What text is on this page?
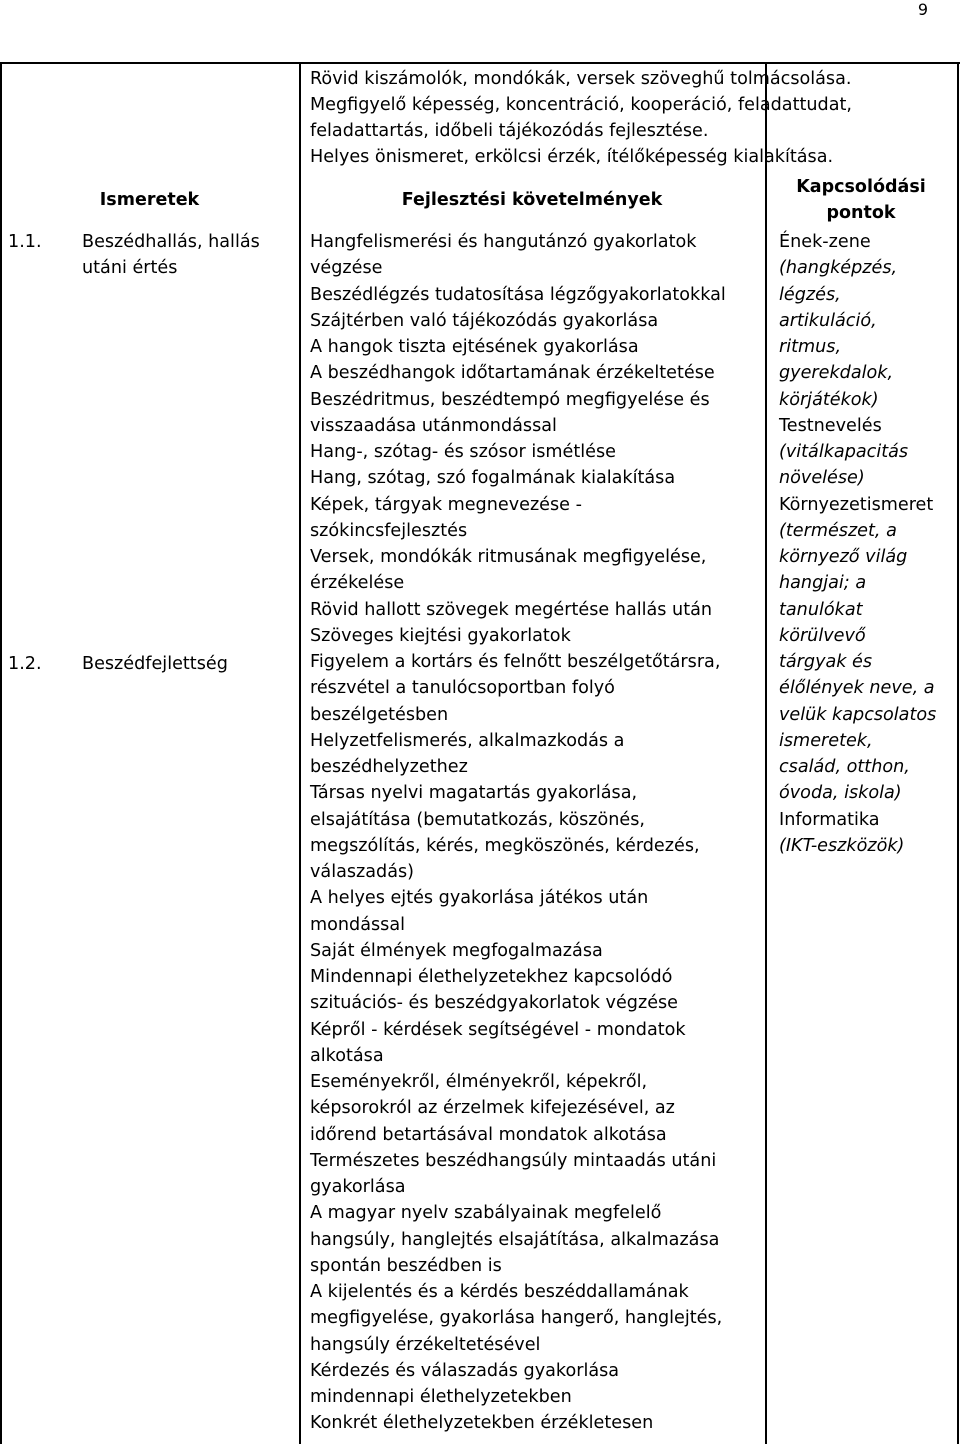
9
Rövid kiszámolók, mondókák, versek szöveghű tolmácsolása.
Megfigyelő képesség, koncentráció, kooperáció, feladattudat,
feladattartás, időbeli tájékozódás fejlesztése.
Helyes önismeret, erkölcsi érzék, ítélőképesség kialakítása.
Ismeretek	Fejlesztési követelmények
Kapcsolódási
pontok
1.1. Beszédhallás, hallás
utáni értés
1.2. Beszédfejlettség
Hangfelismerési és hangutánzó gyakorlatok
végzése
Beszédlégzés tudatosítása légzőgyakorlatokkal
Szájtérben való tájékozódás gyakorlása
A hangok tiszta ejtésének gyakorlása
A beszédhangok időtartamának érzékeltetése
Beszédritmus, beszédtempó megfigyelése és
visszaadása utánmondással
Hang-, szótag- és szósor ismétlése
Hang, szótag, szó fogalmának kialakítása
Képek, tárgyak megnevezése -
szókincsfejlesztés
Versek, mondókák ritmusának megfigyelése,
érzékelése
Rövid hallott szövegek megértése hallás után
Szöveges kiejtési gyakorlatok
Figyelem a kortárs és felnőtt beszélgetőtársra,
részvétel a tanulócsoportban folyó
beszélgetésben
Helyzetfelismerés, alkalmazkodás a
beszédhelyzethez
Társas nyelvi magatartás gyakorlása,
elsajátítása (bemutatkozás, köszönés,
megszólítás, kérés, megköszönés, kérdezés,
válaszadás)
A helyes ejtés gyakorlása játékos után
mondással
Saját élmények megfogalmazása
Mindennapi élethelyzetekhez kapcsolódó
szituációs- és beszédgyakorlatok végzése
Képről - kérdések segítségével - mondatok
alkotása
Eseményekről, élményekről, képekről,
képsorokról az érzelmek kifejezésével, az
időrend betartásával mondatok alkotása
Természetes beszédhangsúly mintaadás utáni
gyakorlása
A magyar nyelv szabályainak megfelelő
hangsúly, hanglejtés elsajátítása, alkalmazása
spontán beszédben is
A kijelentés és a kérdés beszéddallamának
megfigyelése, gyakorlása hangerő, hanglejtés,
hangsúly érzékeltetésével
Kérdezés és válaszadás gyakorlása
mindennapi élethelyzetekben
Konkrét élethelyzetekben érzékletesen
Ének-zene
(hangképzés,
légzés,
artikuláció,
ritmus,
gyerekdalok,
körjátékok)
Testnevelés
(vitálkapacitás
növelése)
Környezetismeret
(természet, a
környező világ
hangjai; a
tanulókat
körülvevő
tárgyak és
élőlények neve, a
velük kapcsolatos
ismeretek,
család, otthon,
óvoda, iskola)
Informatika
(IKT-eszközök)
